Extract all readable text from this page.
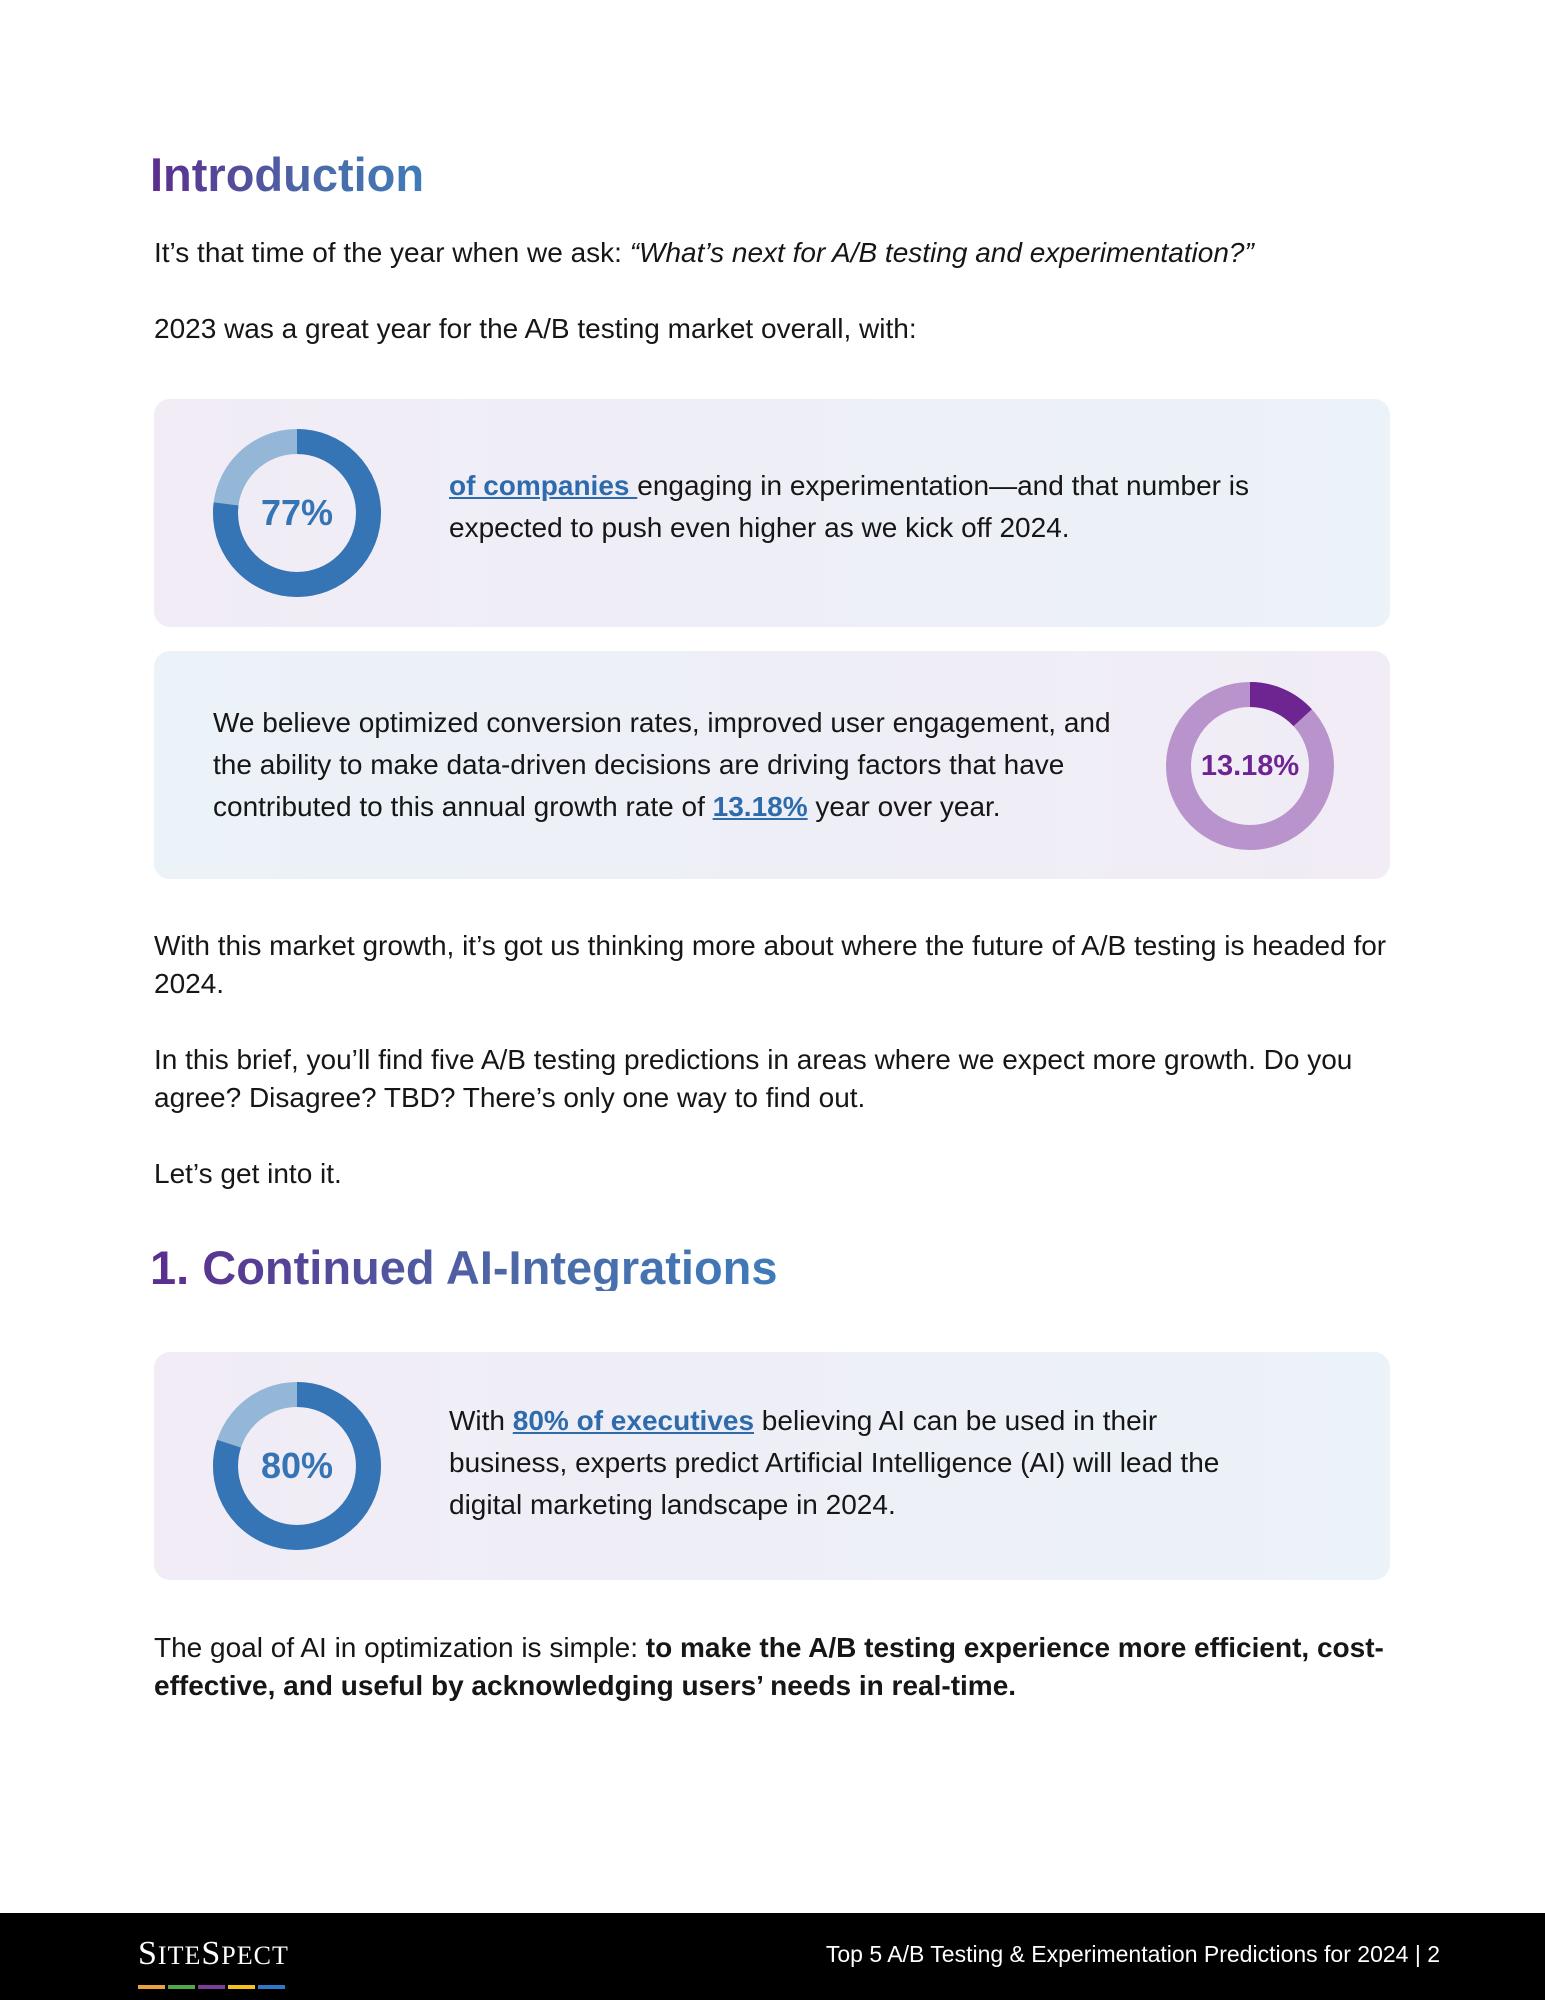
Introduction

It’s that time of the year when we ask: “What’s next for A/B testing and experimentation?”

2023 was a great year for the A/B testing market overall, with:

77%

of companies engaging in experimentation—and that number is expected to push even higher as we kick off 2024.

We believe optimized conversion rates, improved user engagement, and the ability to make data-driven decisions are driving factors that have contributed to this annual growth rate of 13.18% year over year.

13.18%

With this market growth, it’s got us thinking more about where the future of A/B testing is headed for 2024.

In this brief, you’ll find five A/B testing predictions in areas where we expect more growth. Do you agree? Disagree? TBD? There’s only one way to find out.

Let’s get into it.

1. Continued AI-Integrations
80%

With 80% of executives believing AI can be used in their business, experts predict Artificial Intelligence (AI) will lead the digital marketing landscape in 2024.

The goal of AI in optimization is simple: to make the A/B testing experience more efficient, cost-effective, and useful by acknowledging users’ needs in real-time.

SITESPECT	Top 5 A/B Testing & Experimentation Predictions for 2024 | 2
